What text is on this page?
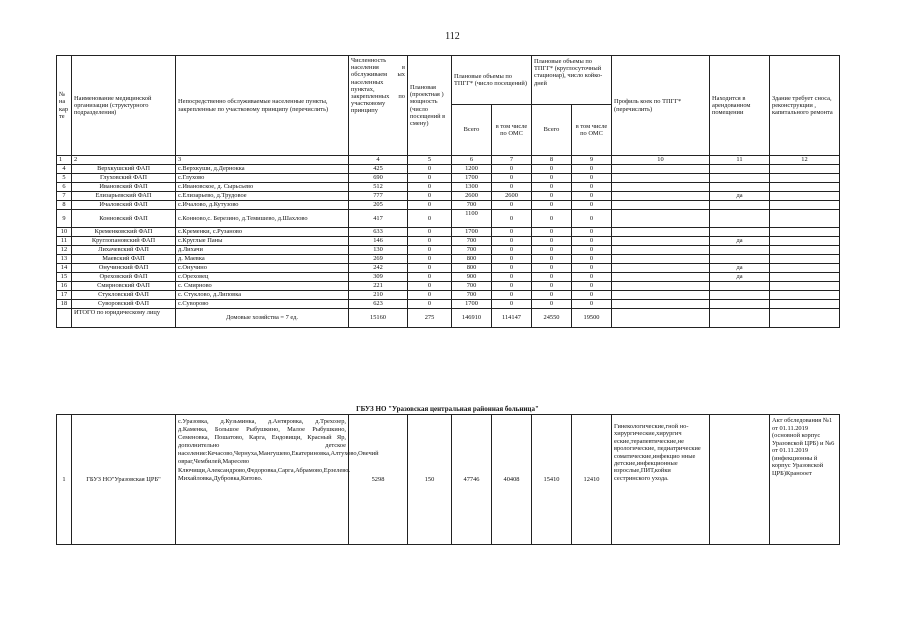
112
№ на кар те	Наименование медицинской организации (структурного подразделения)	Непосредственно обслуживаемые населенные пункты, закрепленные по участковому принципу (перечислить)	Численность населения в обслуживаем ых населенных пунктах, закрепленных по участковому принципу	Плановая (проектная ) мощность (число посещений в смену)	Плановые объемы по ТПГГ* (число посещений)		Плановые объемы по ТПГГ* (круглосуточный стационар), число койко-дней		Профиль коек по ТПГГ* (перечислить)	Находится в арендованном помещении	Здание требует сноса, реконструкции , капитального ремонта
					Всего	в том числе по ОМС	Всего	в том числе по ОМС			
1	2	3	4	5	6	7	8	9	10	11	12
4	Верхкушский ФАП	с.Верхкуши, д.Дернокка	425	0	1200	0	0	0			
5	Глуховский ФАП	с.Глухово	690	0	1700	0	0	0			
6	Ивановский ФАП	с.Ивановское, д. Сырьсьево	512	0	1300	0	0	0			
7	Елизарьевский ФАП	с.Елизарьево, д.Трудовое	777	0	2600	2600	0	0		да	
8	Ичаловский ФАП	с.Ичалово, д.Кутузово	205	0	700	0	0	0			
9	Конновский ФАП	с.Конново,с. Березино, д.Темишево, д.Шахлово	417	0	1100	0	0	0			
10	Кременковский ФАП	с.Кременки, с.Рузаново	633	0	1700	0	0	0			
11	Круглопановский ФАП	с.Круглые Паны	146	0	700	0	0	0		да	
12	Лихачевский ФАП	д.Лихачи	130	0	700	0	0	0			
13	Маевский ФАП	д. Маевка	269	0	800	0	0	0			
14	Онучинский ФАП	с.Онучино	242	0	800	0	0	0		да	
15	Ореховский ФАП	с.Ореховец	309	0	900	0	0	0		да	
16	Смирновский ФАП	с. Смирново	221	0	700	0	0	0			
17	Стукловский ФАП	с. Стуклово, д.Липовка	210	0	700	0	0	0			
18	Суворовский ФАП	с.Суворово	623	0	1700	0	0	0			
	ИТОГО по юридическому лицу	Домовые хозяйства = 7 ед.	15160	275	146910	114147	24550	19500			
ГБУЗ НО "Уразовская центральная районная больница"
1	ГБУЗ НО"Уразовская ЦРБ"	с.Уразовка, д.Кузьминка, д.Антяровка, д.Трехозер, д.Каменка, Большое Рыбушкино, Малое Рыбушкино, Семеновка, Пошатово, Карга, Ендовищи, Красный Яр, дополнительно детское население:Кечасово,Чернуха,Мангушево,Екатериновка,Алтухово,Овечий овраг,Чембилей,Маресево Ключищи,Александрово,Федоровка,Сарга,Абрамово,Ерзелево. Михайловка,Дубровка,Китово.	5298	150	47746	40408	15410	12410	Гинекологические,гной но-хирургические,хирургич еские,терапевтические,не врологические, педиатрические соматические,инфекцио нные детские,инфекционные взрослые,ПИТ,койки сестринского ухода.		Акт обследования №1 от 01.11.2019 (основной корпус Уразовской ЦРБ) и №6 от 01.11.2019 (инфекционны й корпус Уразовской ЦРБ)Кранооет
